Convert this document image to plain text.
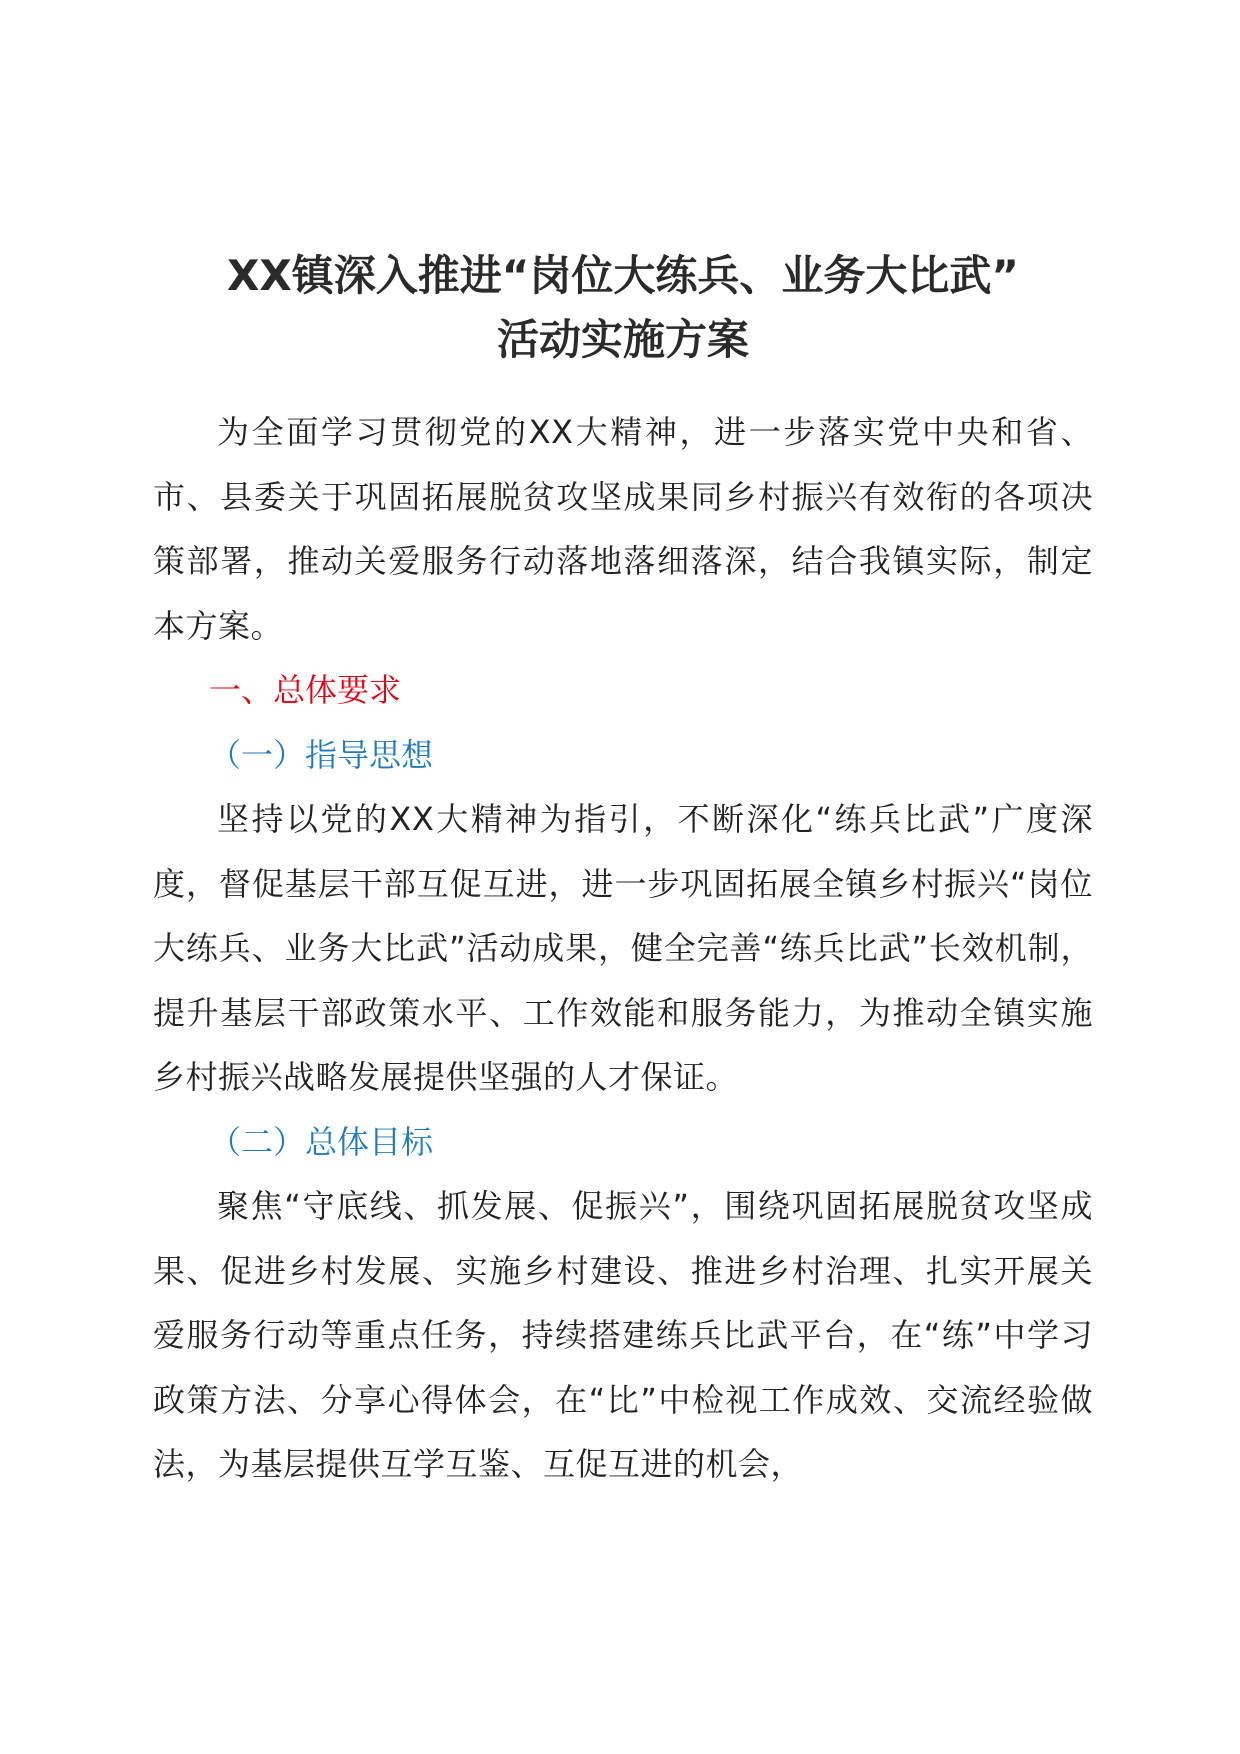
XX镇深入推进“岗位大练兵、业务大比武”
活动实施方案

为全面学习贯彻党的XX大精神，进一步落实党中央和省、市、县委关于巩固拓展脱贫攻坚成果同乡村振兴有效衔的各项决策部署，推动关爱服务行动落地落细落深，结合我镇实际，制定本方案。

一、总体要求

（一）指导思想

坚持以党的XX大精神为指引，不断深化“练兵比武”广度深度，督促基层干部互促互进，进一步巩固拓展全镇乡村振兴“岗位大练兵、业务大比武”活动成果，健全完善“练兵比武”长效机制，提升基层干部政策水平、工作效能和服务能力，为推动全镇实施乡村振兴战略发展提供坚强的人才保证。

（二）总体目标

聚焦“守底线、抓发展、促振兴”，围绕巩固拓展脱贫攻坚成果、促进乡村发展、实施乡村建设、推进乡村治理、扎实开展关爱服务行动等重点任务，持续搭建练兵比武平台，在“练”中学习政策方法、分享心得体会，在“比”中检视工作成效、交流经验做法，为基层提供互学互鉴、互促互进的机会，
